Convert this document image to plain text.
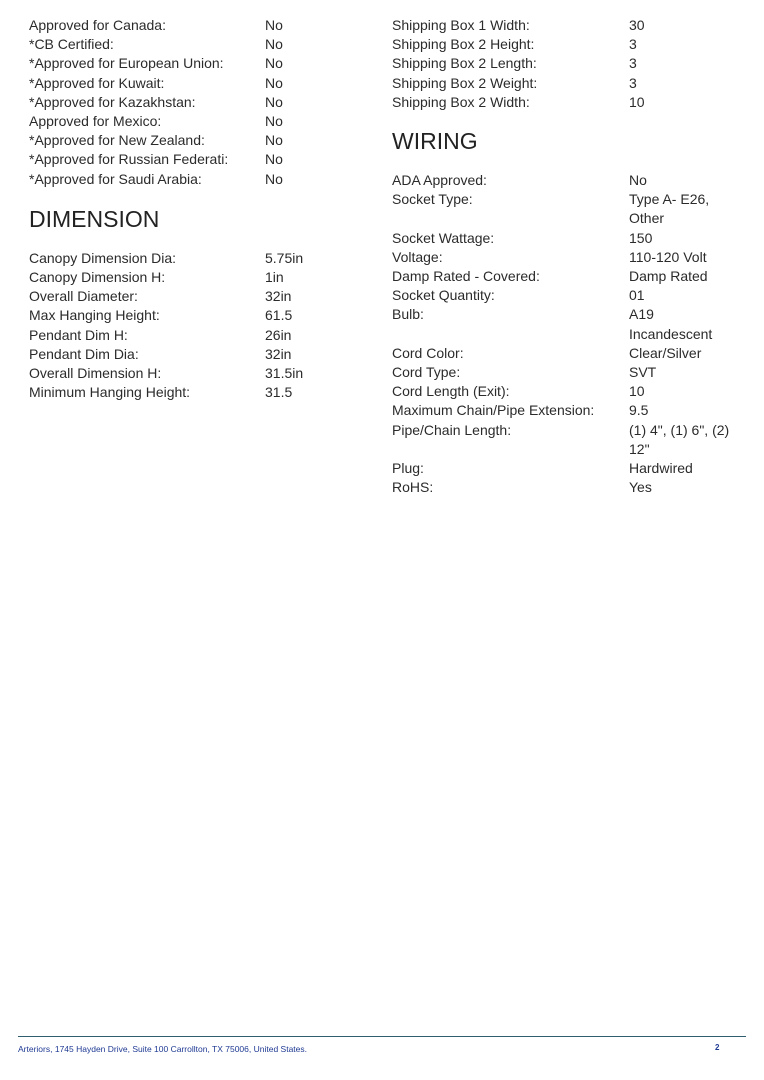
Approved for Canada:	No
*CB Certified:	No
*Approved for European Union:	No
*Approved for Kuwait:	No
*Approved for Kazakhstan:	No
Approved for Mexico:	No
*Approved for New Zealand:	No
*Approved for Russian Federati:	No
*Approved for Saudi Arabia:	No
DIMENSION
Canopy Dimension Dia:	5.75in
Canopy Dimension H:	1in
Overall Diameter:	32in
Max Hanging Height:	61.5
Pendant Dim H:	26in
Pendant Dim Dia:	32in
Overall Dimension H:	31.5in
Minimum Hanging Height:	31.5
Shipping Box 1 Width:	30
Shipping Box 2 Height:	3
Shipping Box 2 Length:	3
Shipping Box 2 Weight:	3
Shipping Box 2 Width:	10
WIRING
ADA Approved:	No
Socket Type:	Type A- E26,
Other
Socket Wattage:	150
Voltage:	110-120 Volt
Damp Rated - Covered:	Damp Rated
Socket Quantity:	01
Bulb:	A19
Incandescent
Cord Color:	Clear/Silver
Cord Type:	SVT
Cord Length (Exit):	10
Maximum Chain/Pipe Extension:	9.5
Pipe/Chain Length:	(1) 4", (1) 6", (2)
12"
Plug:	Hardwired
RoHS:	Yes
Arteriors, 1745 Hayden Drive, Suite 100 Carrollton, TX 75006, United States.	2
